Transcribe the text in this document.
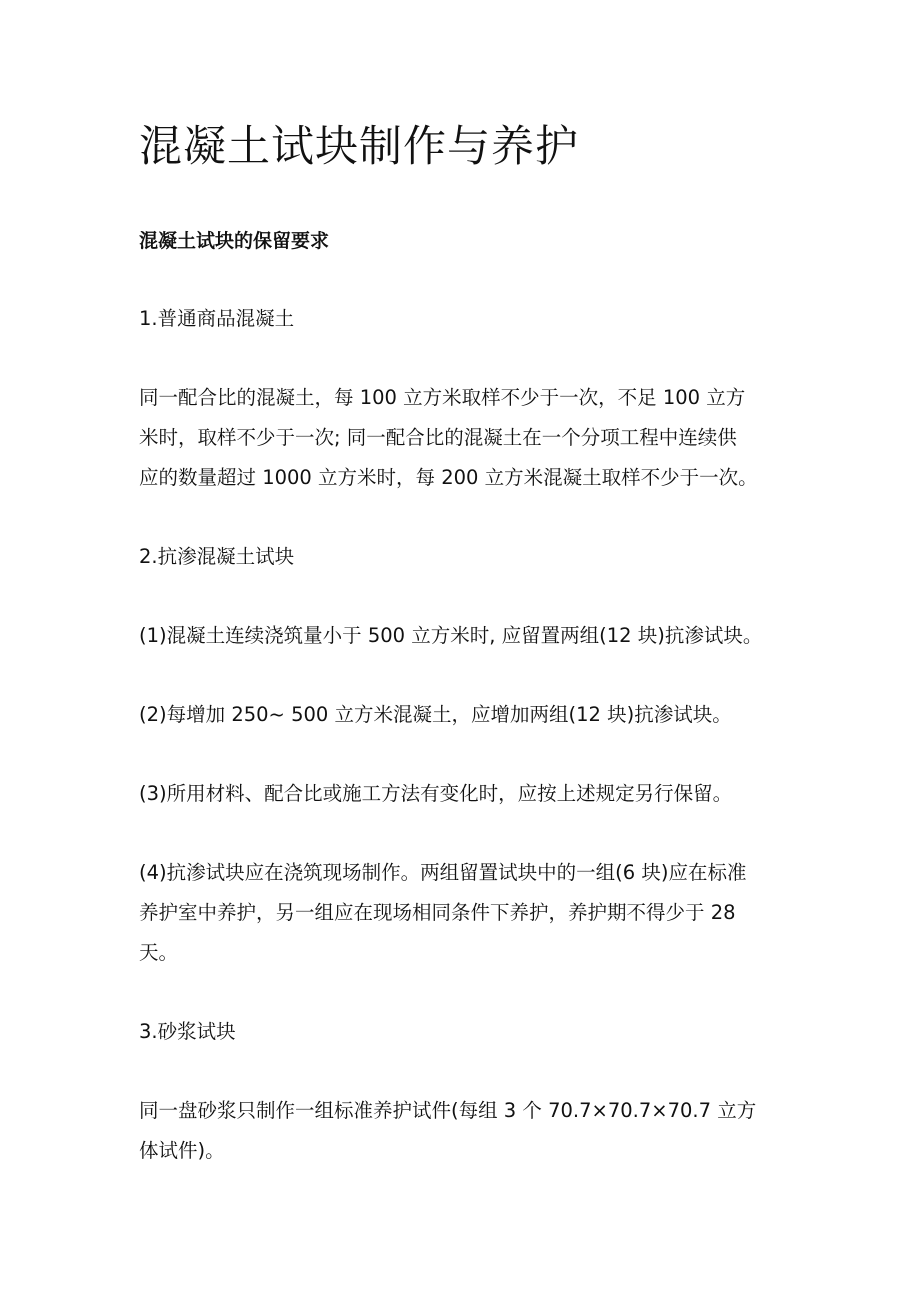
混凝土试块制作与养护
混凝土试块的保留要求
1.普通商品混凝土
同一配合比的混凝土，每 100 立方米取样不少于一次，不足 100 立方
米时，取样不少于一次; 同一配合比的混凝土在一个分项工程中连续供
应的数量超过 1000 立方米时，每 200 立方米混凝土取样不少于一次。
2.抗渗混凝土试块
(1)混凝土连续浇筑量小于 500 立方米时, 应留置两组(12 块)抗渗试块。
(2)每增加 250~ 500 立方米混凝土，应增加两组(12 块)抗渗试块。
(3)所用材料、配合比或施工方法有变化时，应按上述规定另行保留。
(4)抗渗试块应在浇筑现场制作。两组留置试块中的一组(6 块)应在标准
养护室中养护，另一组应在现场相同条件下养护，养护期不得少于 28
天。
3.砂浆试块
同一盘砂浆只制作一组标准养护试件(每组 3 个 70.7×70.7×70.7 立方
体试件)。
